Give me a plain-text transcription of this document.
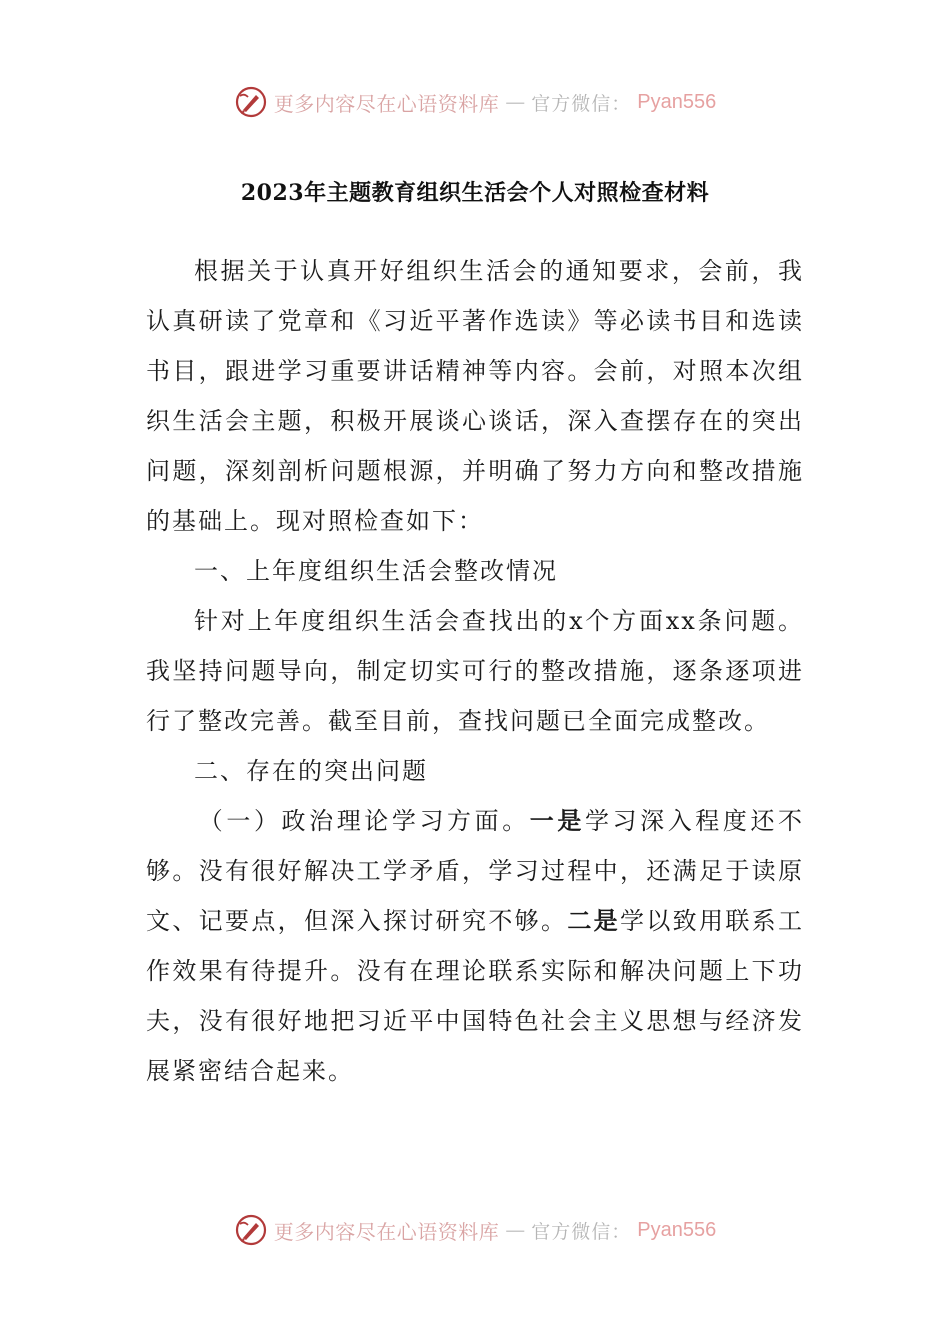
更多内容尽在心语资料库 — 官方微信： Pyan556
2023年主题教育组织生活会个人对照检查材料

根据关于认真开好组织生活会的通知要求，会前，我认真研读了党章和《习近平著作选读》等必读书目和选读书目，跟进学习重要讲话精神等内容。会前，对照本次组织生活会主题，积极开展谈心谈话，深入查摆存在的突出问题，深刻剖析问题根源，并明确了努力方向和整改措施的基础上。现对照检查如下：

一、上年度组织生活会整改情况

针对上年度组织生活会查找出的x个方面xx条问题。我坚持问题导向，制定切实可行的整改措施，逐条逐项进行了整改完善。截至目前，查找问题已全面完成整改。

二、存在的突出问题

（一）政治理论学习方面。一是学习深入程度还不够。没有很好解决工学矛盾，学习过程中，还满足于读原文、记要点，但深入探讨研究不够。二是学以致用联系工作效果有待提升。没有在理论联系实际和解决问题上下功夫，没有很好地把习近平中国特色社会主义思想与经济发展紧密结合起来。

更多内容尽在心语资料库 — 官方微信： Pyan556
